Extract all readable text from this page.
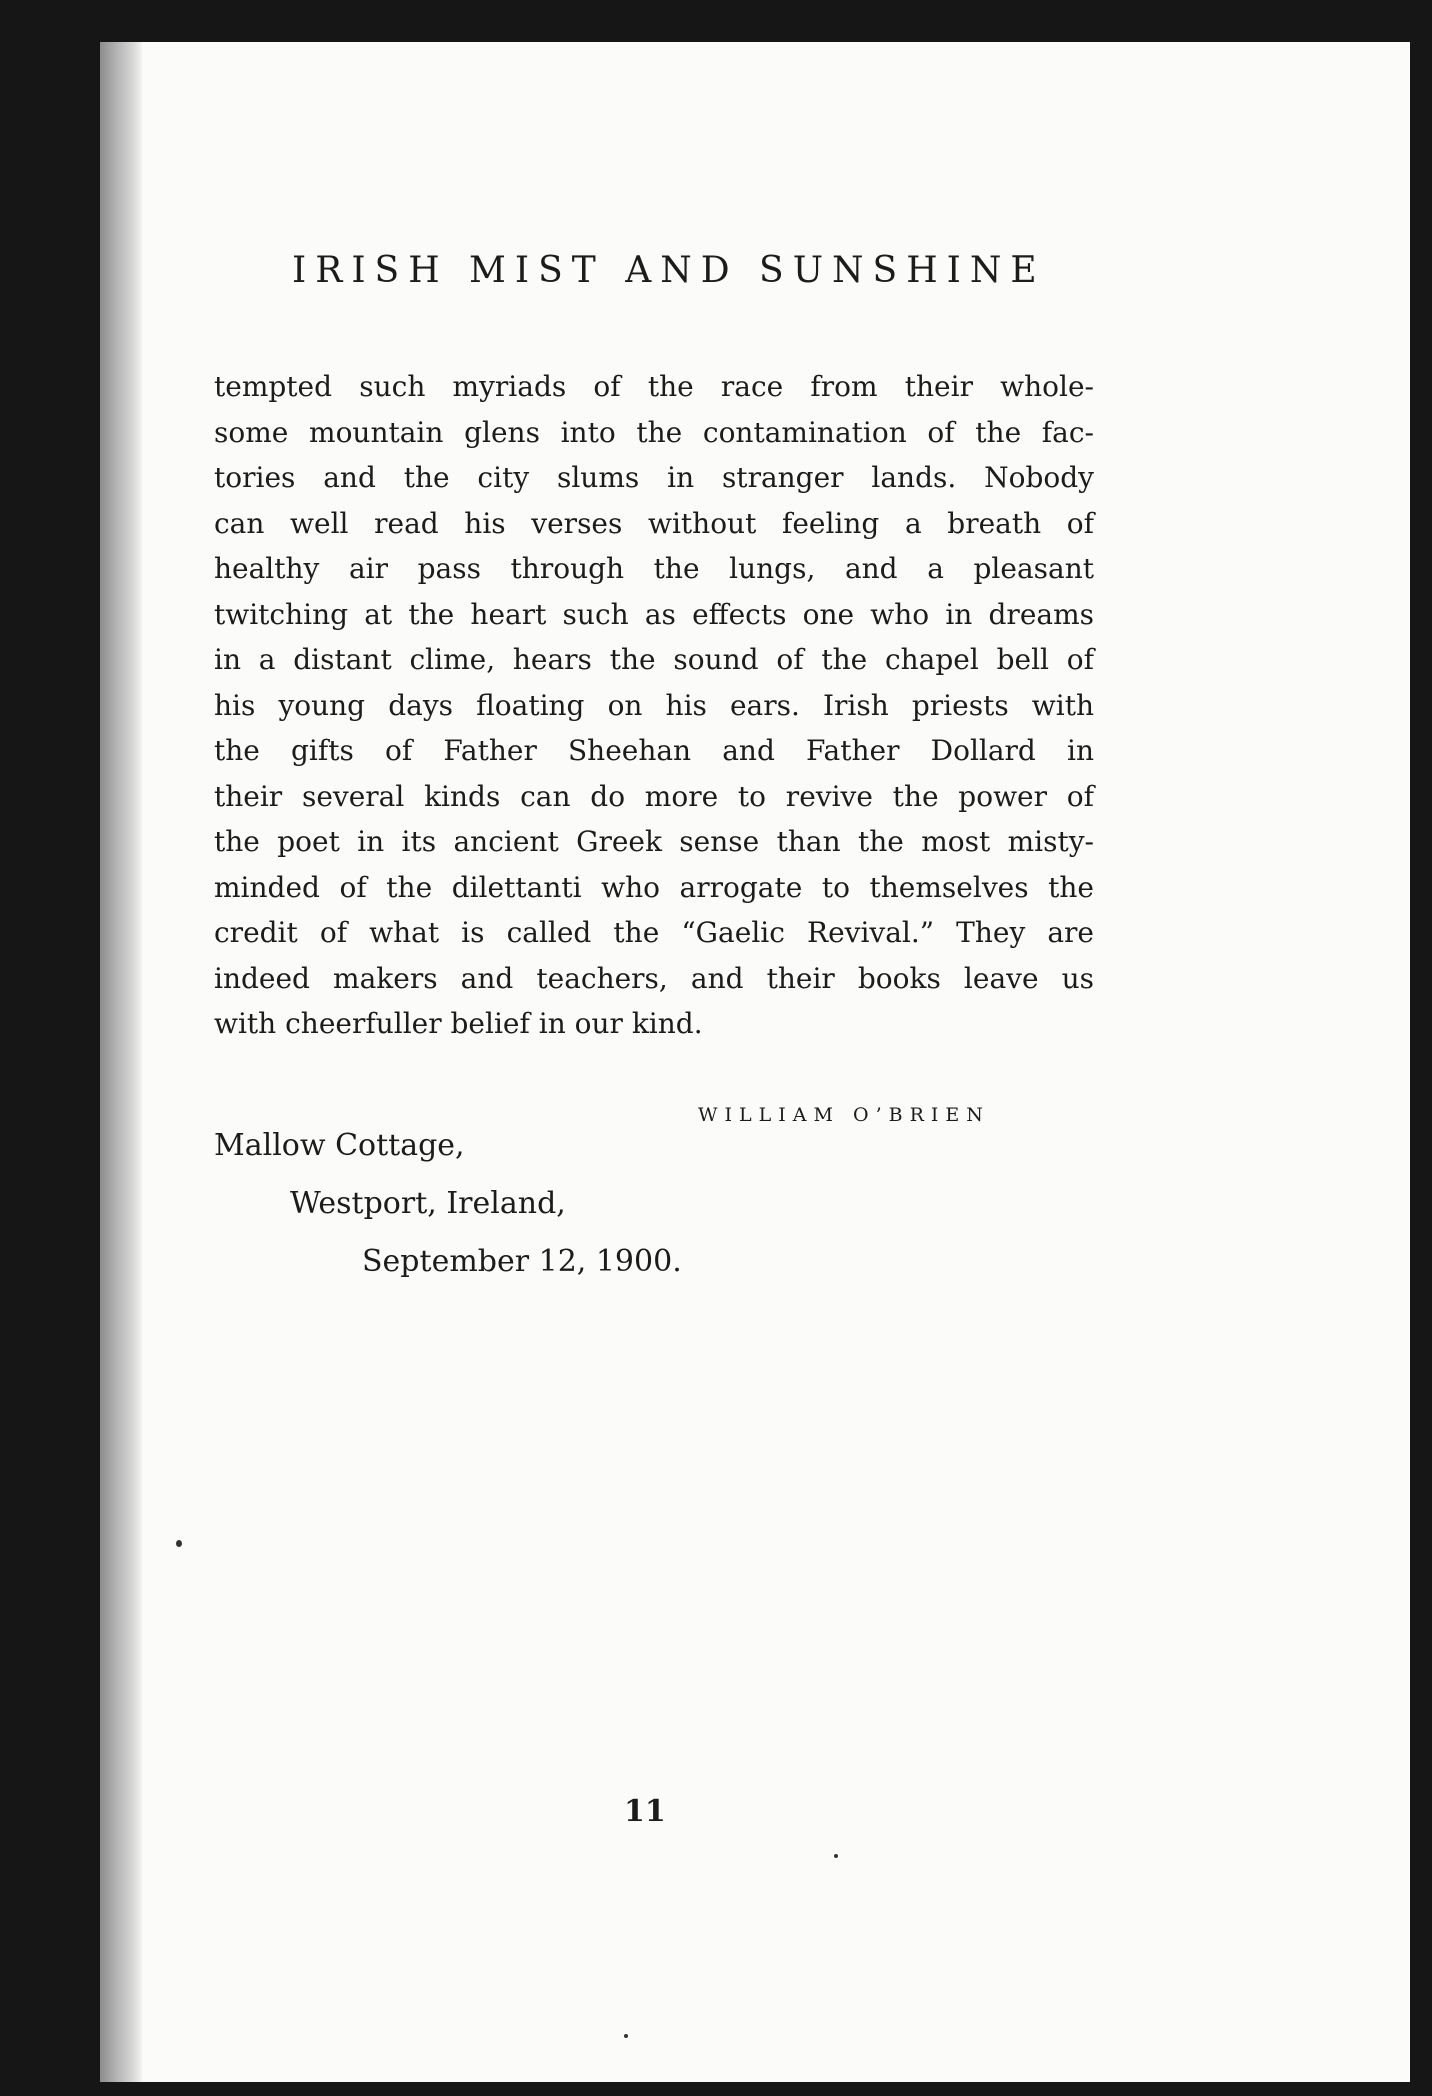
IRISH MIST AND SUNSHINE
tempted such myriads of the race from their whole-
some mountain glens into the contamination of the fac-
tories and the city slums in stranger lands. Nobody
can well read his verses without feeling a breath of
healthy air pass through the lungs, and a pleasant
twitching at the heart such as effects one who in dreams
in a distant clime, hears the sound of the chapel bell of
his young days floating on his ears. Irish priests with
the gifts of Father Sheehan and Father Dollard in
their several kinds can do more to revive the power of
the poet in its ancient Greek sense than the most misty-
minded of the dilettanti who arrogate to themselves the
credit of what is called the “Gaelic Revival.” They are
indeed makers and teachers, and their books leave us
with cheerfuller belief in our kind.
WILLIAM O’BRIEN
Mallow Cottage,
Westport, Ireland,
September 12, 1900.
11
